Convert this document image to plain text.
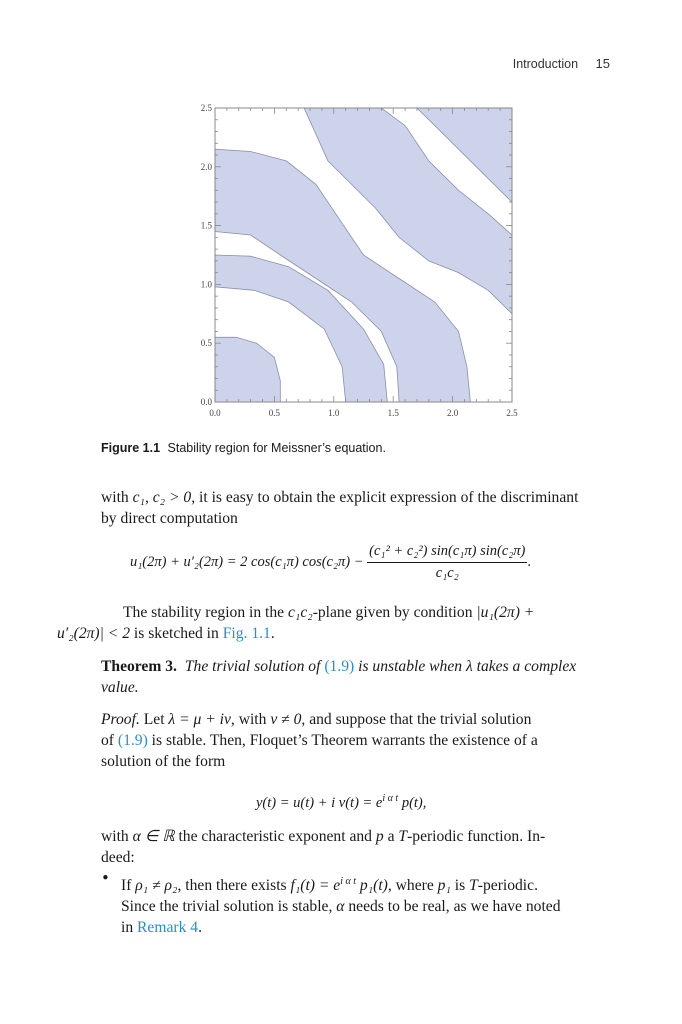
Introduction 15
0.0	0.5	1.0	1.5	2.0	2.5
0.0
0.5
1.0
1.5
2.0
2.5
Figure 1.1 Stability region for Meissner’s equation.
with c₁, c₂ > 0, it is easy to obtain the explicit expression of the discriminant
by direct computation
u₁(2π) + u′₂(2π) = 2 cos(c₁π) $\cos(c_2\pi) - \frac{\text{(c₁² + c₂²) sin(c₁π) sin(c₂π)}}{\text{c₁c₂}}$ .
The stability region in the c₁c₂-plane given by condition |u₁(2π) +
u′₂(2π)| < 2 is sketched in Fig. 1.1.
Theorem 3. The trivial solution of (1.9) is unstable when λ takes a complex
value.
Proof. Let λ = μ + iν, with ν ≠ 0, and suppose that the trivial solution
of (1.9) is stable. Then, Floquet’s Theorem warrants the existence of a
solution of the form
y(t) = u(t) + i $v(t) = e^{i \alpha t}$ p(t),
with α ∈ ℝ the characteristic exponent and p a T-periodic function. In-
deed:
• If ρ₁ ≠ ρ₂, then there exists $f_1(t) = e^{i \alpha t}$ p₁(t), where p₁ is T-periodic.
Since the trivial solution is stable, α needs to be real, as we have noted
in Remark 4.
